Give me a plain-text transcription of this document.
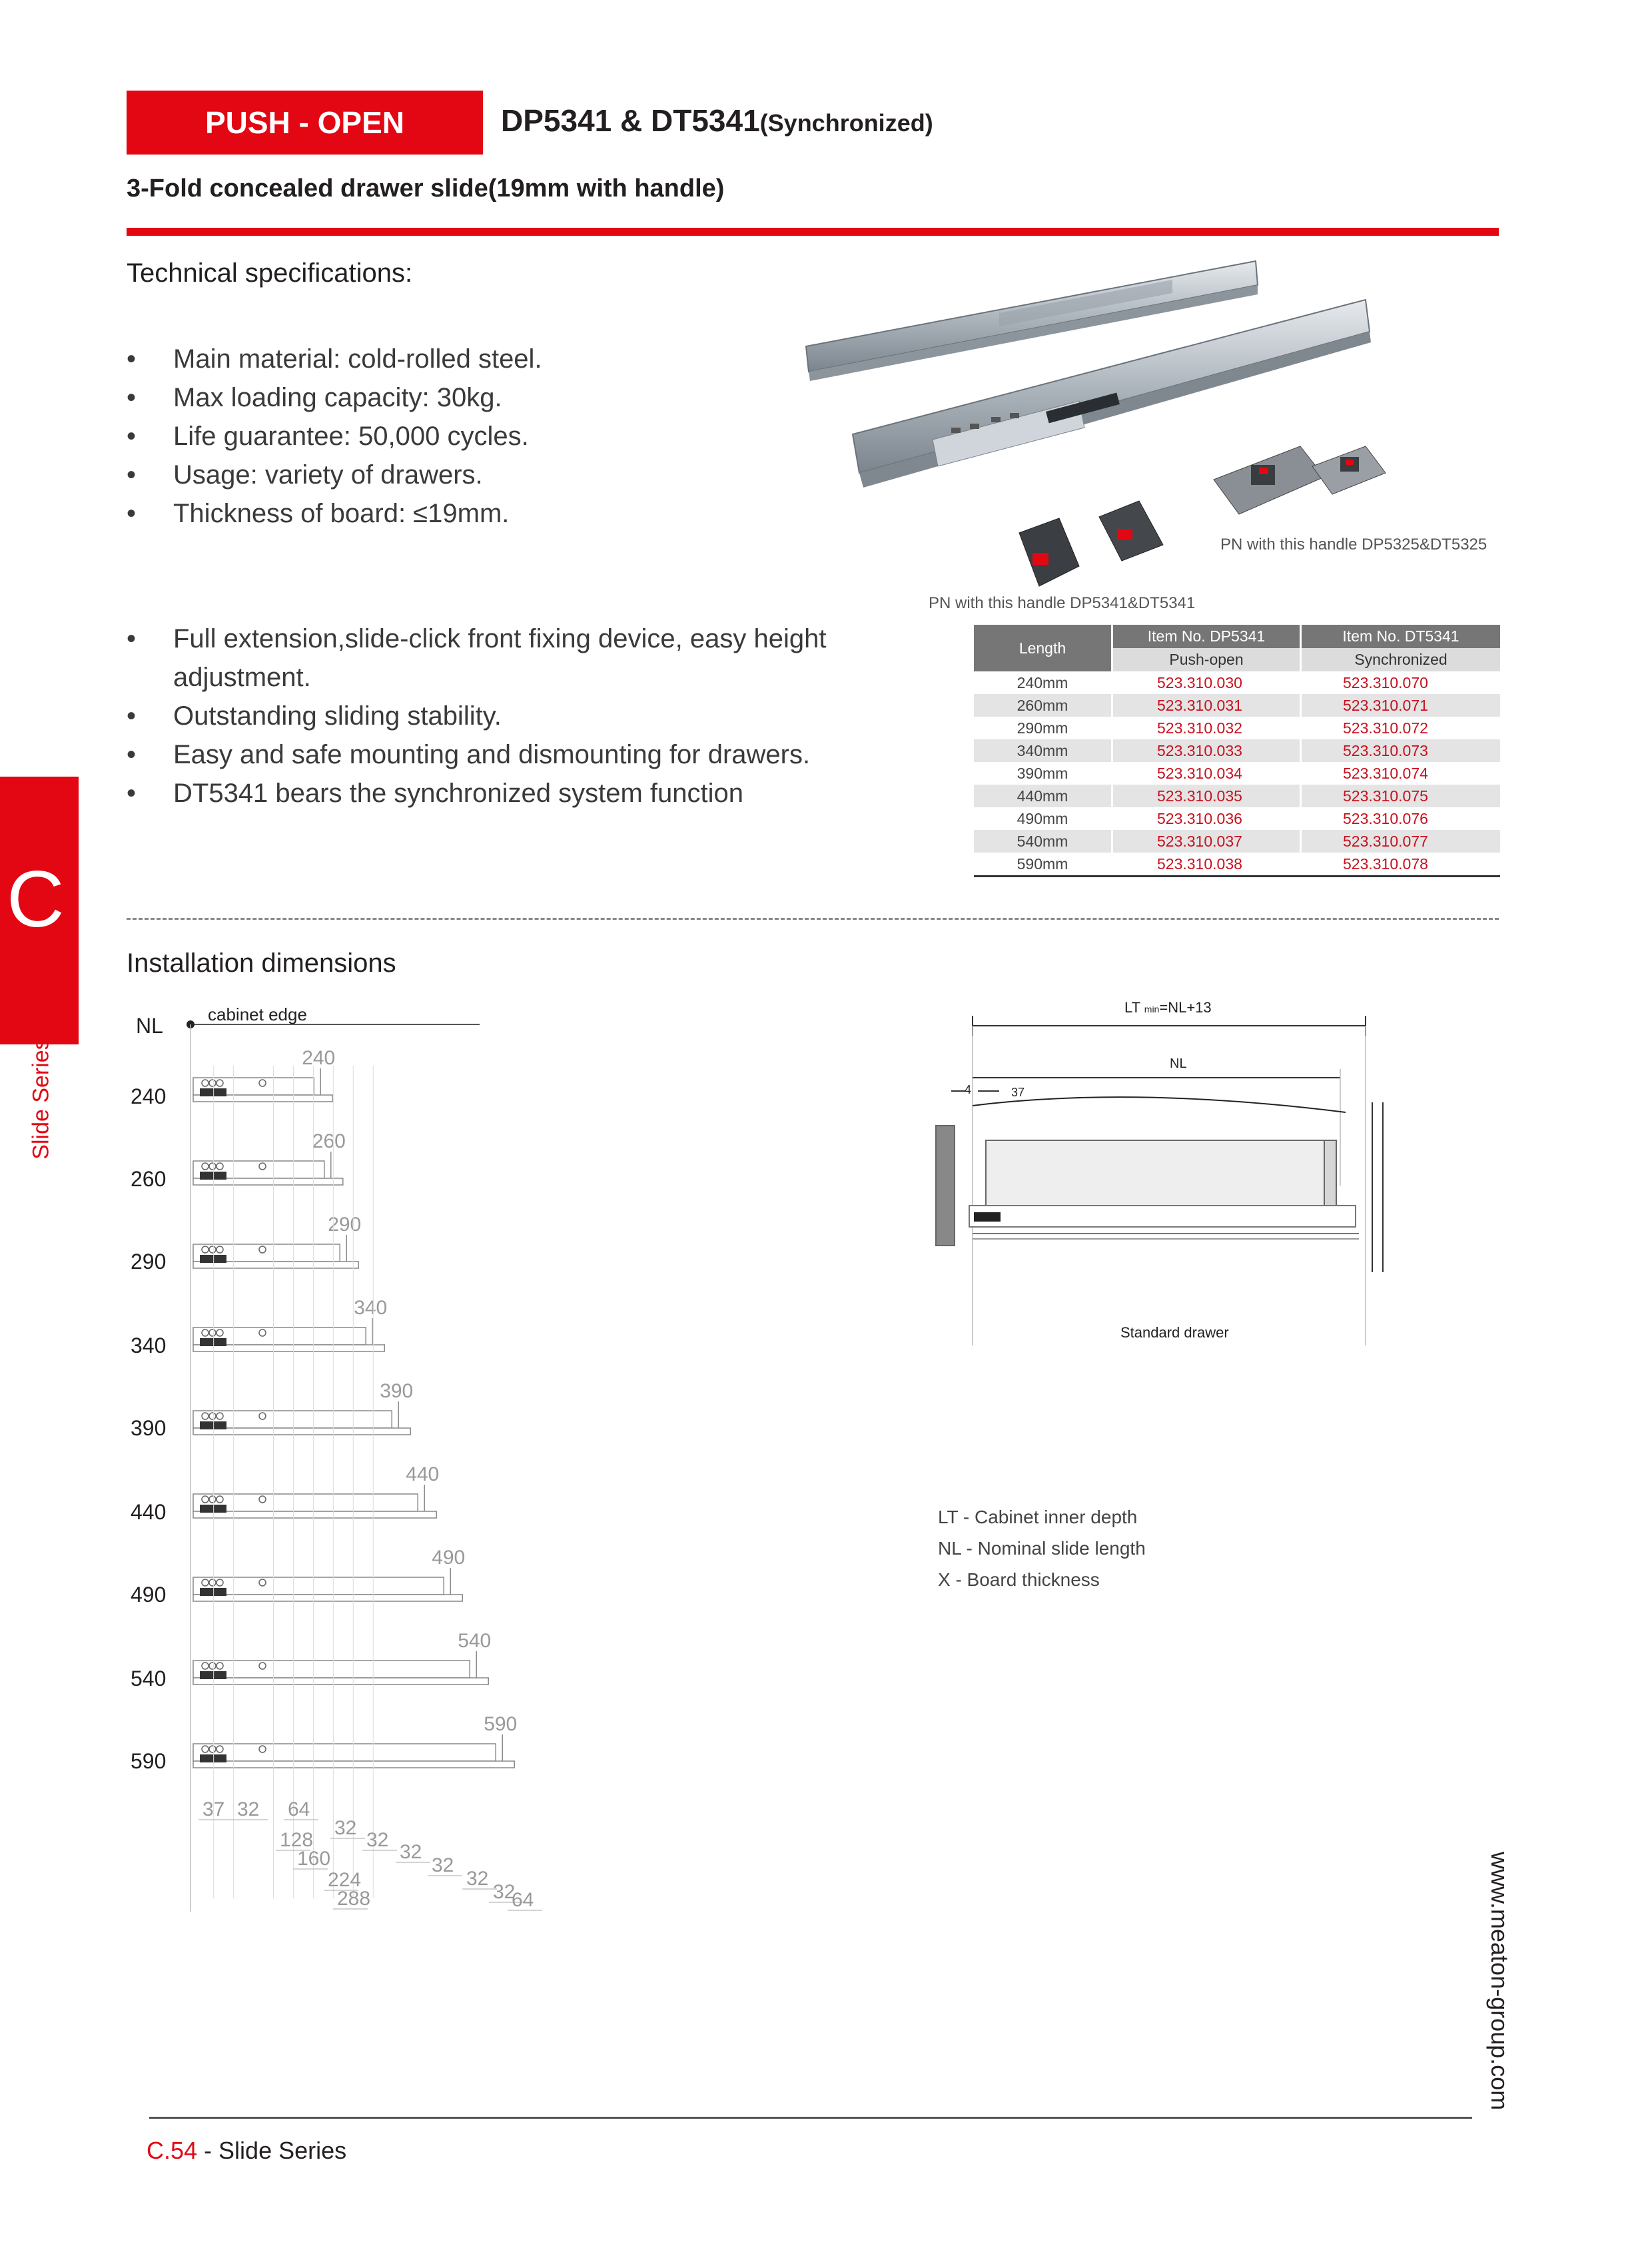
PUSH - OPEN	DP5341 & DT5341(Synchronized)
3-Fold concealed drawer slide(19mm with handle)
Technical specifications:
• Main material: cold-rolled steel.
• Max loading capacity: 30kg.
• Life guarantee: 50,000 cycles.
• Usage: variety of drawers.
• Thickness of board: ≤19mm.
• Full extension,slide-click front fixing device, easy height adjustment.
• Outstanding sliding stability.
• Easy and safe mounting and dismounting for drawers.
• DT5341 bears the synchronized system function
PN with this handle DP5325&DT5325
PN with this handle DP5341&DT5341
Length	Item No. DP5341	Item No. DT5341
	Push-open	Synchronized
240mm	523.310.030	523.310.070
260mm	523.310.031	523.310.071
290mm	523.310.032	523.310.072
340mm	523.310.033	523.310.073
390mm	523.310.034	523.310.074
440mm	523.310.035	523.310.075
490mm	523.310.036	523.310.076
540mm	523.310.037	523.310.077
590mm	523.310.038	523.310.078
C
Slide Series
Installation dimensions
NL	cabinet edge
240
260
290
340
390
440
490
540
590
240
260
290
340
390
440
490
540
590
37 32 64
128
32
160
32
224
32
32
288
32
64
32
LT min=NL+13
NL
4	37
Standard drawer
LT - Cabinet inner depth
NL - Nominal slide length
X - Board thickness
www.meaton-group.com
C.54 - Slide Series
